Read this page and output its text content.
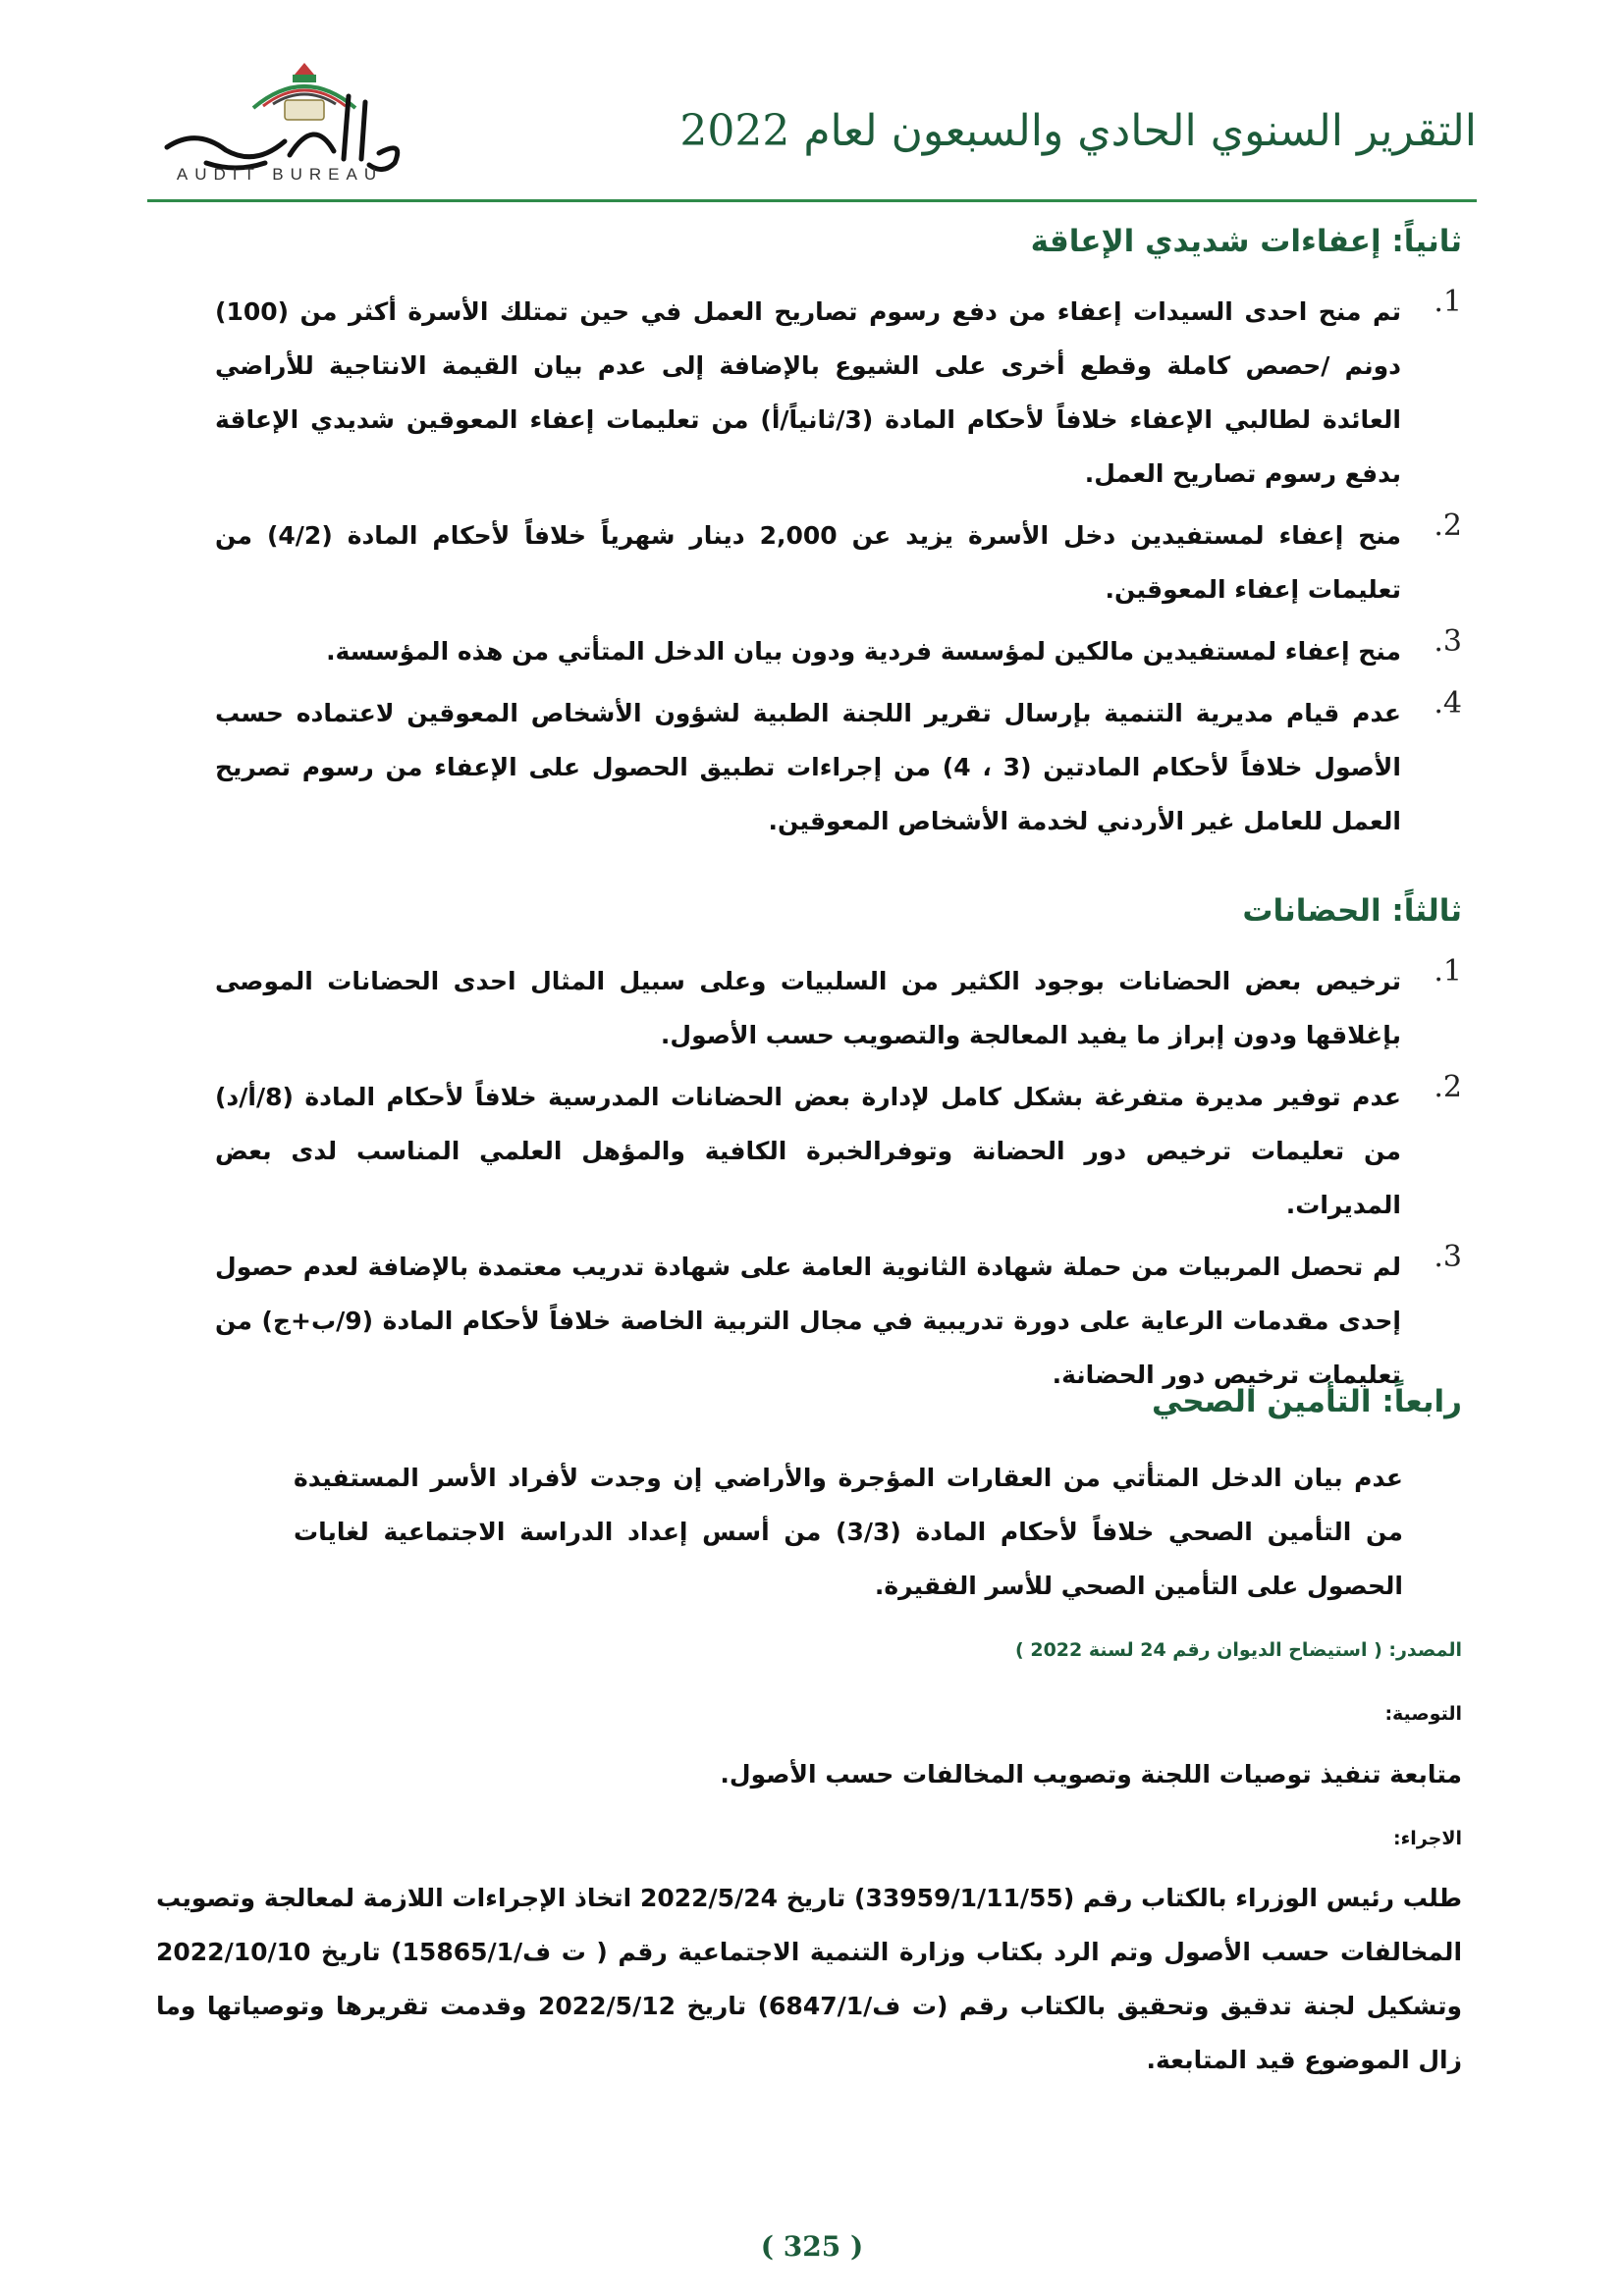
AUDIT BUREAU
التقرير السنوي الحادي والسبعون لعام 2022
ثانياً: إعفاءات شديدي الإعاقة
1.
تم منح احدى السيدات إعفاء من دفع رسوم تصاريح العمل في حين تمتلك الأسرة أكثر من (100) دونم /حصص كاملة وقطع أخرى على الشيوع بالإضافة إلى عدم بيان القيمة الانتاجية للأراضي العائدة لطالبي الإعفاء خلافاً لأحكام المادة (3/ثانياً/أ) من تعليمات إعفاء المعوقين شديدي الإعاقة بدفع رسوم تصاريح العمل.
2.
منح إعفاء لمستفيدين دخل الأسرة يزيد عن 2,000 دينار شهرياً خلافاً لأحكام المادة (4/2) من تعليمات إعفاء المعوقين.
3.
منح إعفاء لمستفيدين مالكين لمؤسسة فردية ودون بيان الدخل المتأتي من هذه المؤسسة.
4.
عدم قيام مديرية التنمية بإرسال تقرير اللجنة الطبية لشؤون الأشخاص المعوقين لاعتماده حسب الأصول خلافاً لأحكام المادتين (3 ، 4) من إجراءات تطبيق الحصول على الإعفاء من رسوم تصريح العمل للعامل غير الأردني لخدمة الأشخاص المعوقين.
ثالثاً: الحضانات
1.
ترخيص بعض الحضانات بوجود الكثير من السلبيات وعلى سبيل المثال احدى الحضانات الموصى بإغلاقها ودون إبراز ما يفيد المعالجة والتصويب حسب الأصول.
2.
عدم توفير مديرة متفرغة بشكل كامل لإدارة بعض الحضانات المدرسية خلافاً لأحكام المادة (8/أ/د) من تعليمات ترخيص دور الحضانة وتوفرالخبرة الكافية والمؤهل العلمي المناسب لدى بعض المديرات.
3.
لم تحصل المربيات من حملة شهادة الثانوية العامة على شهادة تدريب معتمدة بالإضافة لعدم حصول إحدى مقدمات الرعاية على دورة تدريبية في مجال التربية الخاصة خلافاً لأحكام المادة (9/ب+ج) من تعليمات ترخيص دور الحضانة.
رابعاً: التأمين الصحي
عدم بيان الدخل المتأتي من العقارات المؤجرة والأراضي إن وجدت لأفراد الأسر المستفيدة من التأمين الصحي خلافاً لأحكام المادة (3/3) من أسس إعداد الدراسة الاجتماعية لغايات الحصول على التأمين الصحي للأسر الفقيرة.
المصدر: ( استيضاح الديوان رقم 24 لسنة 2022 )
التوصية:
متابعة تنفيذ توصيات اللجنة وتصويب المخالفات حسب الأصول.
الاجراء:
طلب رئيس الوزراء بالكتاب رقم (33959/1/11/55) تاريخ 2022/5/24 اتخاذ الإجراءات اللازمة لمعالجة وتصويب المخالفات حسب الأصول وتم الرد بكتاب وزارة التنمية الاجتماعية رقم ( ت ف/15865/1) تاريخ 2022/10/10 وتشكيل لجنة تدقيق وتحقيق بالكتاب رقم (ت ف/6847/1) تاريخ 2022/5/12 وقدمت تقريرها وتوصياتها وما زال الموضوع قيد المتابعة.
( 325 )
